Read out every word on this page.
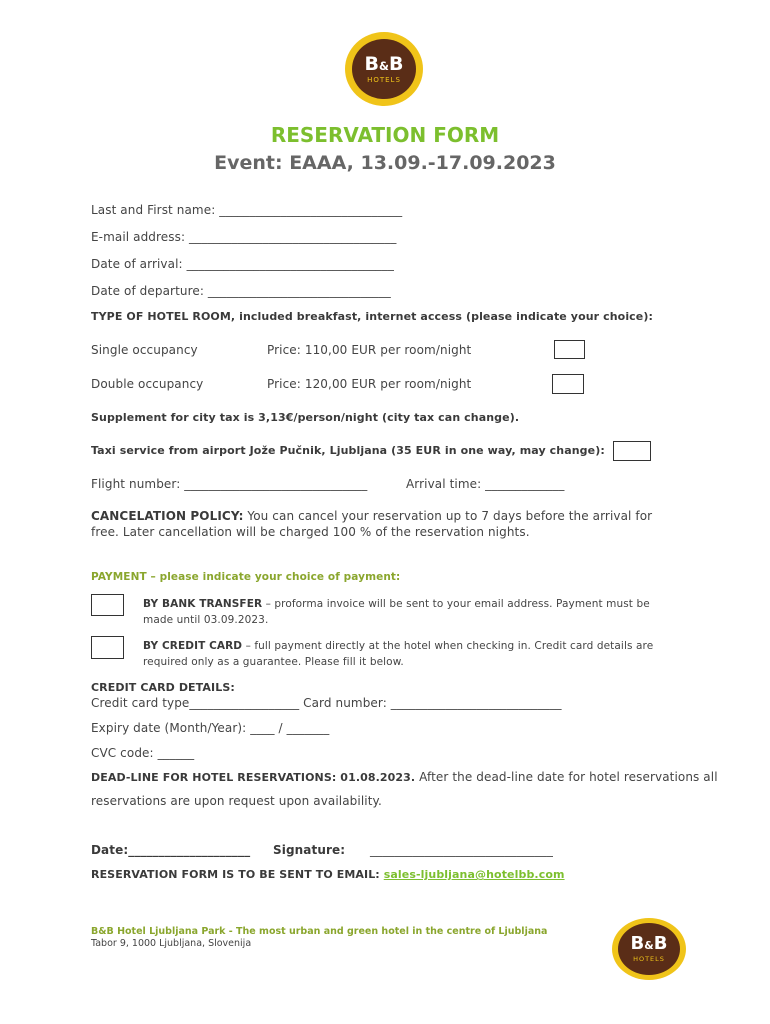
B&B
HOTELS
RESERVATION FORM
Event: EAAA, 13.09.-17.09.2023
Last and First name: ______________________________
E-mail address: __________________________________
Date of arrival: __________________________________
Date of departure: ______________________________
TYPE OF HOTEL ROOM, included breakfast, internet access (please indicate your choice):
Single occupancy	Price: 110,00 EUR per room/night
Double occupancy	Price: 120,00 EUR per room/night
Supplement for city tax is 3,13€/person/night (city tax can change).
Taxi service from airport Jože Pučnik, Ljubljana (35 EUR in one way, may change):
Flight number: ______________________________	Arrival time: _____________
CANCELATION POLICY: You can cancel your reservation up to 7 days before the arrival for free. Later cancellation will be charged 100 % of the reservation nights.
PAYMENT – please indicate your choice of payment:
BY BANK TRANSFER – proforma invoice will be sent to your email address. Payment must be made until 03.09.2023.
BY CREDIT CARD – full payment directly at the hotel when checking in. Credit card details are required only as a guarantee. Please fill it below.
CREDIT CARD DETAILS:
Credit card type__________________ Card number: ____________________________
Expiry date (Month/Year): ____ / _______
CVC code: ______
DEAD-LINE FOR HOTEL RESERVATIONS: 01.08.2023. After the dead-line date for hotel reservations all
reservations are upon request upon availability.
Date:____________________ Signature: ______________________________
RESERVATION FORM IS TO BE SENT TO EMAIL: sales-ljubljana@hotelbb.com
B&B Hotel Ljubljana Park - The most urban and green hotel in the centre of Ljubljana
Tabor 9, 1000 Ljubljana, Slovenija	B&B
HOTELS
